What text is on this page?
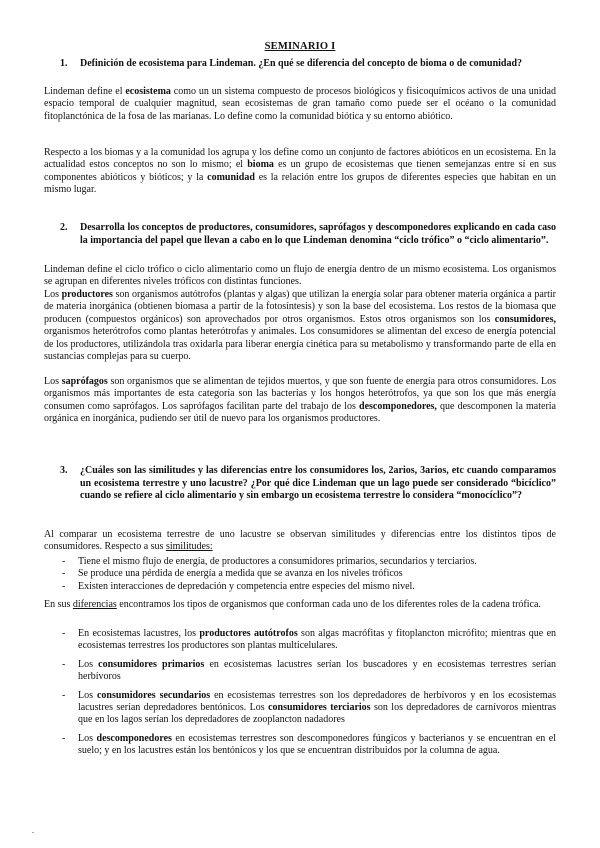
SEMINARIO I
1.	Definición de ecosistema para Lindeman. ¿En qué se diferencia del concepto de bioma o de comunidad?
Lindeman define el ecosistema como un un sistema compuesto de procesos biológicos y fisicoquímicos activos de una unidad espacio temporal de cualquier magnitud, sean ecosistemas de gran tamaño como puede ser el océano o la comunidad fitoplanctónica de la fosa de las marianas. Lo define como la comunidad biótica y su entorno abiótico.
Respecto a los biomas y a la comunidad los agrupa y los define como un conjunto de factores abióticos en un ecosistema. En la actualidad estos conceptos no son lo mismo; el bioma es un grupo de ecosistemas que tienen semejanzas entre sí en sus componentes abióticos y bióticos; y la comunidad es la relación entre los grupos de diferentes especies que habitan en un mismo lugar.
2.	Desarrolla los conceptos de productores, consumidores, saprófagos y descomponedores explicando en cada caso la importancia del papel que llevan a cabo en lo que Lindeman denomina “ciclo trófico” o “ciclo alimentario”.
Lindeman define el ciclo trófico o ciclo alimentario como un flujo de energía dentro de un mismo ecosistema. Los organismos se agrupan en diferentes niveles tróficos con distintas funciones.
Los productores son organismos autótrofos (plantas y algas) que utilizan la energía solar para obtener materia orgánica a partir de materia inorgánica (obtienen biomasa a partir de la fotosíntesis) y son la base del ecosistema. Los restos de la biomasa que producen (compuestos orgánicos) son aprovechados por otros organismos. Estos otros organismos son los consumidores, organismos heterótrofos como plantas heterótrofas y animales. Los consumidores se alimentan del exceso de energía potencial de los productores, utilizándola tras oxidarla para liberar energía cinética para su metabolismo y transformando parte de ella en sustancias complejas para su cuerpo.
Los saprófagos son organismos que se alimentan de tejidos muertos, y que son fuente de energía para otros consumidores. Los organismos más importantes de esta categoría son las bacterias y los hongos heterótrofos, ya que son los que más energía consumen como saprófagos. Los saprófagos facilitan parte del trabajo de los descomponedores, que descomponen la materia orgánica en inorgánica, pudiendo ser útil de nuevo para los organismos productores.
3.	¿Cuáles son las similitudes y las diferencias entre los consumidores los, 2arios, 3arios, etc cuando comparamos un ecosistema terrestre y uno lacustre? ¿Por qué dice Lindeman que un lago puede ser considerado “bicíclico” cuando se refiere al ciclo alimentario y sin embargo un ecosistema terrestre lo considera “monocíclico”?
Al comparar un ecosistema terrestre de uno lacustre se observan similitudes y diferencias entre los distintos tipos de consumidores. Respecto a sus similitudes:
- Tiene el mismo flujo de energía, de productores a consumidores primarios, secundarios y terciarios.
- Se produce una pérdida de energía a medida que se avanza en los niveles tróficos
- Existen interacciones de depredación y competencia entre especies del mismo nivel.
En sus diferencias encontramos los tipos de organismos que conforman cada uno de los diferentes roles de la cadena trófica.
- En ecosistemas lacustres, los productores autótrofos son algas macrófitas y fitoplancton micrófito; mientras que en ecosistemas terrestres los productores son plantas multicelulares.
- Los consumidores primarios en ecosistemas lacustres serían los buscadores y en ecosistemas terrestres serían herbívoros
- Los consumidores secundarios en ecosistemas terrestres son los depredadores de herbívoros y en los ecosistemas lacustres serían depredadores bentónicos. Los consumidores terciarios son los depredadores de carnívoros mientras que en los lagos serían los depredadores de zooplancton nadadores
- Los descomponedores en ecosistemas terrestres son descomponedores fúngicos y bacterianos y se encuentran en el suelo; y en los lacustres están los bentónicos y los que se encuentran distribuidos por la columna de agua.
.
